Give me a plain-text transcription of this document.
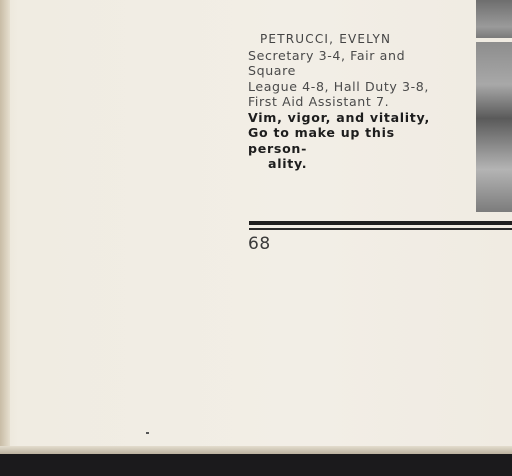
PETRUCCI, EVELYN
Secretary 3-4, Fair and Square
League 4-8, Hall Duty 3-8,
First Aid Assistant 7.
Vim, vigor, and vitality,
Go to make up this person-
ality.
68
